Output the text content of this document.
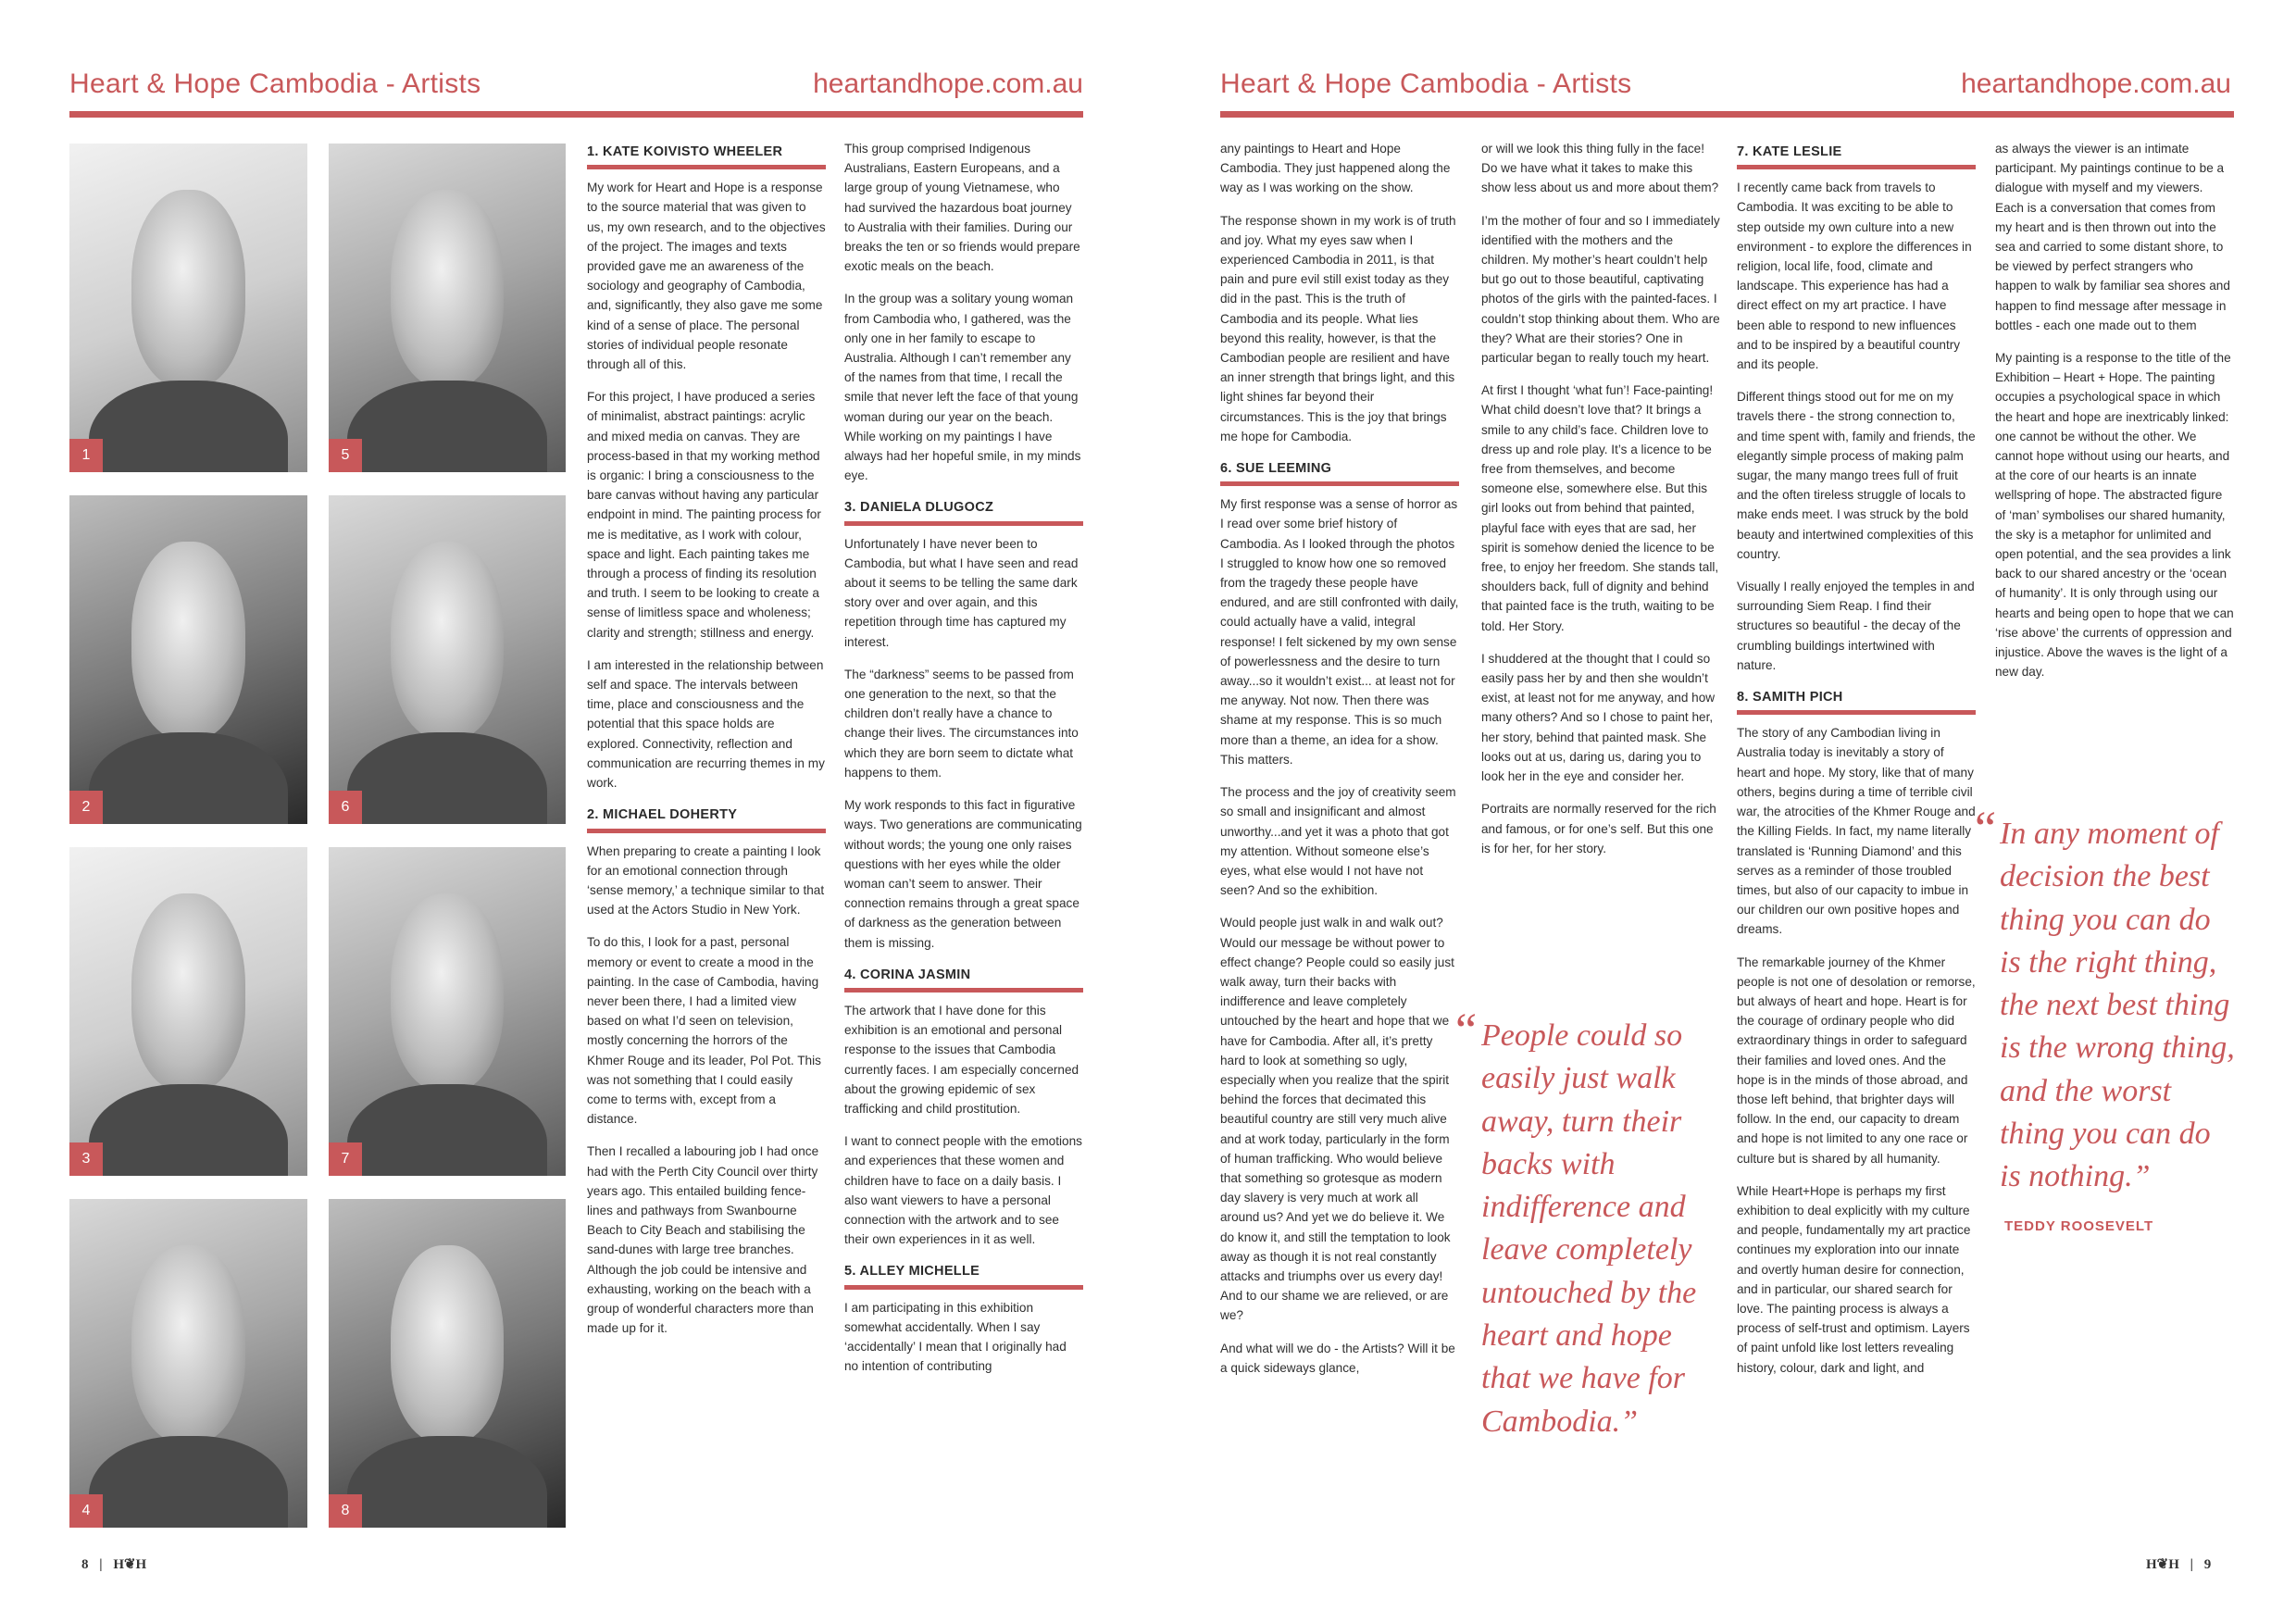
Heart & Hope Cambodia - Artists	heartandhope.com.au	Heart & Hope Cambodia - Artists	heartandhope.com.au
1	5
2	6
3	7
4	8
1. KATE KOIVISTO WHEELER

My work for Heart and Hope is a response to the source material that was given to us, my own research, and to the objectives of the project. The images and texts provided gave me an awareness of the sociology and geography of Cambodia, and, significantly, they also gave me some kind of a sense of place. The personal stories of individual people resonate through all of this.

For this project, I have produced a series of minimalist, abstract paintings: acrylic and mixed media on canvas. They are process-based in that my working method is organic: I bring a consciousness to the bare canvas without having any particular endpoint in mind. The painting process for me is meditative, as I work with colour, space and light. Each painting takes me through a process of finding its resolution and truth. I seem to be looking to create a sense of limitless space and wholeness; clarity and strength; stillness and energy.

I am interested in the relationship between self and space. The intervals between time, place and consciousness and the potential that this space holds are explored. Connectivity, reflection and communication are recurring themes in my work.

2. MICHAEL DOHERTY

When preparing to create a painting I look for an emotional connection through ‘sense memory,’ a technique similar to that used at the Actors Studio in New York.

To do this, I look for a past, personal memory or event to create a mood in the painting. In the case of Cambodia, having never been there, I had a limited view based on what I’d seen on television, mostly concerning the horrors of the Khmer Rouge and its leader, Pol Pot. This was not something that I could easily come to terms with, except from a distance.

Then I recalled a labouring job I had once had with the Perth City Council over thirty years ago. This entailed building fence-lines and pathways from Swanbourne Beach to City Beach and stabilising the sand-dunes with large tree branches. Although the job could be intensive and exhausting, working on the beach with a group of wonderful characters more than made up for it.

This group comprised Indigenous Australians, Eastern Europeans, and a large group of young Vietnamese, who had survived the hazardous boat journey to Australia with their families. During our breaks the ten or so friends would prepare exotic meals on the beach.

In the group was a solitary young woman from Cambodia who, I gathered, was the only one in her family to escape to Australia. Although I can’t remember any of the names from that time, I recall the smile that never left the face of that young woman during our year on the beach. While working on my paintings I have always had her hopeful smile, in my minds eye.

3. DANIELA DLUGOCZ

Unfortunately I have never been to Cambodia, but what I have seen and read about it seems to be telling the same dark story over and over again, and this repetition through time has captured my interest.

The “darkness” seems to be passed from one generation to the next, so that the children don’t really have a chance to change their lives. The circumstances into which they are born seem to dictate what happens to them.

My work responds to this fact in figurative ways. Two generations are communicating without words; the young one only raises questions with her eyes while the older woman can’t seem to answer. Their connection remains through a great space of darkness as the generation between them is missing.

4. CORINA JASMIN

The artwork that I have done for this exhibition is an emotional and personal response to the issues that Cambodia currently faces. I am especially concerned about the growing epidemic of sex trafficking and child prostitution.

I want to connect people with the emotions and experiences that these women and children have to face on a daily basis. I also want viewers to have a personal connection with the artwork and to see their own experiences in it as well.

5. ALLEY MICHELLE

I am participating in this exhibition somewhat accidentally. When I say ‘accidentally’ I mean that I originally had no intention of contributing

any paintings to Heart and Hope Cambodia. They just happened along the way as I was working on the show.

The response shown in my work is of truth and joy. What my eyes saw when I experienced Cambodia in 2011, is that pain and pure evil still exist today as they did in the past. This is the truth of Cambodia and its people. What lies beyond this reality, however, is that the Cambodian people are resilient and have an inner strength that brings light, and this light shines far beyond their circumstances. This is the joy that brings me hope for Cambodia.

6. SUE LEEMING

My first response was a sense of horror as I read over some brief history of Cambodia. As I looked through the photos I struggled to know how one so removed from the tragedy these people have endured, and are still confronted with daily, could actually have a valid, integral response! I felt sickened by my own sense of powerlessness and the desire to turn away...so it wouldn’t exist... at least not for me anyway. Not now. Then there was shame at my response. This is so much more than a theme, an idea for a show. This matters.

The process and the joy of creativity seem so small and insignificant and almost unworthy...and yet it was a photo that got my attention. Without someone else’s eyes, what else would I not have not seen? And so the exhibition.

Would people just walk in and walk out? Would our message be without power to effect change? People could so easily just walk away, turn their backs with indifference and leave completely untouched by the heart and hope that we have for Cambodia. After all, it’s pretty hard to look at something so ugly, especially when you realize that the spirit behind the forces that decimated this beautiful country are still very much alive and at work today, particularly in the form of human trafficking. Who would believe that something so grotesque as modern day slavery is very much at work all around us? And yet we do believe it. We do know it, and still the temptation to look away as though it is not real constantly attacks and triumphs over us every day! And to our shame we are relieved, or are we?

And what will we do - the Artists? Will it be a quick sideways glance,

or will we look this thing fully in the face! Do we have what it takes to make this show less about us and more about them?

I’m the mother of four and so I immediately identified with the mothers and the children. My mother’s heart couldn’t help but go out to those beautiful, captivating photos of the girls with the painted-faces. I couldn’t stop thinking about them. Who are they? What are their stories? One in particular began to really touch my heart.

At first I thought ‘what fun’! Face-painting! What child doesn’t love that? It brings a smile to any child’s face. Children love to dress up and role play. It’s a licence to be free from themselves, and become someone else, somewhere else. But this girl looks out from behind that painted, playful face with eyes that are sad, her spirit is somehow denied the licence to be free, to enjoy her freedom. She stands tall, shoulders back, full of dignity and behind that painted face is the truth, waiting to be told. Her Story.

I shuddered at the thought that I could so easily pass her by and then she wouldn’t exist, at least not for me anyway, and how many others? And so I chose to paint her, her story, behind that painted mask. She looks out at us, daring us, daring you to look her in the eye and consider her.

Portraits are normally reserved for the rich and famous, or for one’s self. But this one is for her, for her story.

“ People could so easily just walk away, turn their backs with indifference and leave completely untouched by the heart and hope that we have for Cambodia.”
7. KATE LESLIE

I recently came back from travels to Cambodia. It was exciting to be able to step outside my own culture into a new environment - to explore the differences in religion, local life, food, climate and landscape. This experience has had a direct effect on my art practice. I have been able to respond to new influences and to be inspired by a beautiful country and its people.

Different things stood out for me on my travels there - the strong connection to, and time spent with, family and friends, the elegantly simple process of making palm sugar, the many mango trees full of fruit and the often tireless struggle of locals to make ends meet. I was struck by the bold beauty and intertwined complexities of this country.

Visually I really enjoyed the temples in and surrounding Siem Reap. I find their structures so beautiful - the decay of the crumbling buildings intertwined with nature.

8. SAMITH PICH

The story of any Cambodian living in Australia today is inevitably a story of heart and hope. My story, like that of many others, begins during a time of terrible civil war, the atrocities of the Khmer Rouge and the Killing Fields. In fact, my name literally translated is ‘Running Diamond’ and this serves as a reminder of those troubled times, but also of our capacity to imbue in our children our own positive hopes and dreams.

The remarkable journey of the Khmer people is not one of desolation or remorse, but always of heart and hope. Heart is for the courage of ordinary people who did extraordinary things in order to safeguard their families and loved ones. And the hope is in the minds of those abroad, and those left behind, that brighter days will follow. In the end, our capacity to dream and hope is not limited to any one race or culture but is shared by all humanity.

While Heart+Hope is perhaps my first exhibition to deal explicitly with my culture and people, fundamentally my art practice continues my exploration into our innate and overtly human desire for connection, and in particular, our shared search for love. The painting process is always a process of self-trust and optimism. Layers of paint unfold like lost letters revealing history, colour, dark and light, and

as always the viewer is an intimate participant. My paintings continue to be a dialogue with myself and my viewers. Each is a conversation that comes from my heart and is then thrown out into the sea and carried to some distant shore, to be viewed by perfect strangers who happen to walk by familiar sea shores and happen to find message after message in bottles - each one made out to them

My painting is a response to the title of the Exhibition – Heart + Hope. The painting occupies a psychological space in which the heart and hope are inextricably linked: one cannot be without the other. We cannot hope without using our hearts, and at the core of our hearts is an innate wellspring of hope. The abstracted figure of ‘man’ symbolises our shared humanity, the sky is a metaphor for unlimited and open potential, and the sea provides a link back to our shared ancestry or the ‘ocean of humanity’. It is only through using our hearts and being open to hope that we can ‘rise above’ the currents of oppression and injustice. Above the waves is the light of a new day.

“ In any moment of decision the best thing you can do is the right thing, the next best thing is the wrong thing, and the worst thing you can do is nothing.”
TEDDY ROOSEVELT
8 | H❦H	H❦H | 9
